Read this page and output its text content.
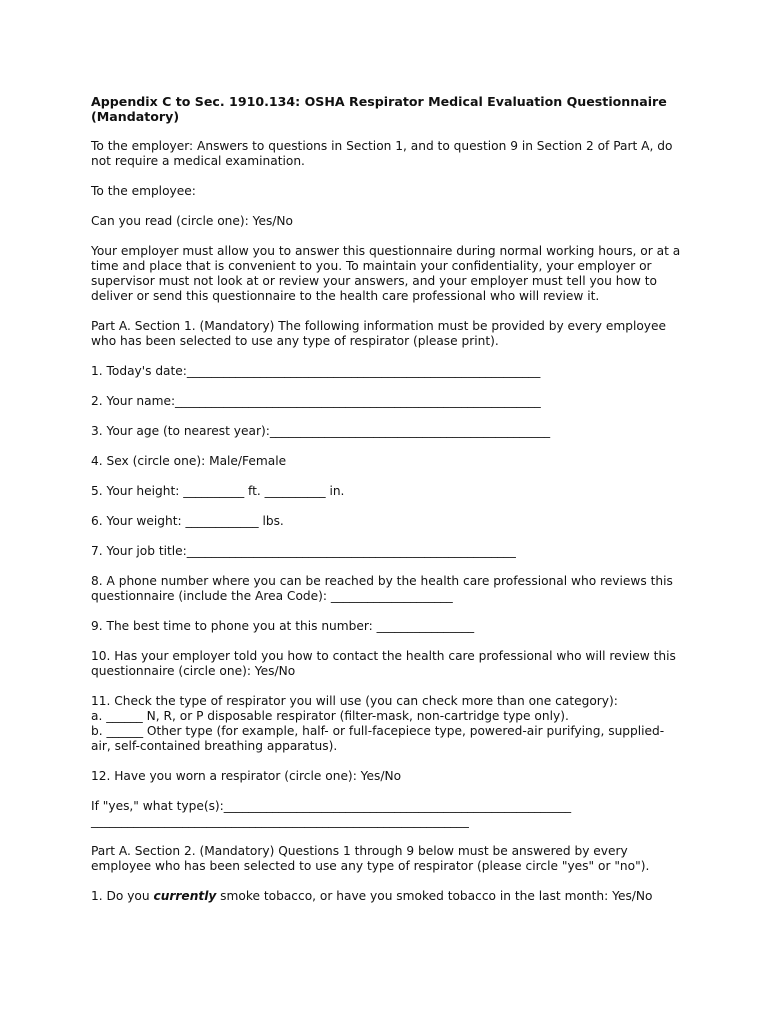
Appendix C to Sec. 1910.134: OSHA Respirator Medical Evaluation Questionnaire
(Mandatory)

To the employer: Answers to questions in Section 1, and to question 9 in Section 2 of Part A, do
not require a medical examination.

To the employee:

Can you read (circle one): Yes/No

Your employer must allow you to answer this questionnaire during normal working hours, or at a
time and place that is convenient to you. To maintain your confidentiality, your employer or
supervisor must not look at or review your answers, and your employer must tell you how to
deliver or send this questionnaire to the health care professional who will review it.

Part A. Section 1. (Mandatory) The following information must be provided by every employee
who has been selected to use any type of respirator (please print).

1. Today's date:__________________________________________________________

2. Your name:____________________________________________________________

3. Your age (to nearest year):______________________________________________

4. Sex (circle one): Male/Female

5. Your height: __________ ft. __________ in.

6. Your weight: ____________ lbs.

7. Your job title:______________________________________________________

8. A phone number where you can be reached by the health care professional who reviews this
questionnaire (include the Area Code): ____________________

9. The best time to phone you at this number: ________________

10. Has your employer told you how to contact the health care professional who will review this
questionnaire (circle one): Yes/No

11. Check the type of respirator you will use (you can check more than one category):
a. ______ N, R, or P disposable respirator (filter-mask, non-cartridge type only).
b. ______ Other type (for example, half- or full-facepiece type, powered-air purifying, supplied-
air, self-contained breathing apparatus).

12. Have you worn a respirator (circle one): Yes/No

If "yes," what type(s):_________________________________________________________
______________________________________________________________

Part A. Section 2. (Mandatory) Questions 1 through 9 below must be answered by every
employee who has been selected to use any type of respirator (please circle "yes" or "no").

1. Do you currently smoke tobacco, or have you smoked tobacco in the last month: Yes/No
